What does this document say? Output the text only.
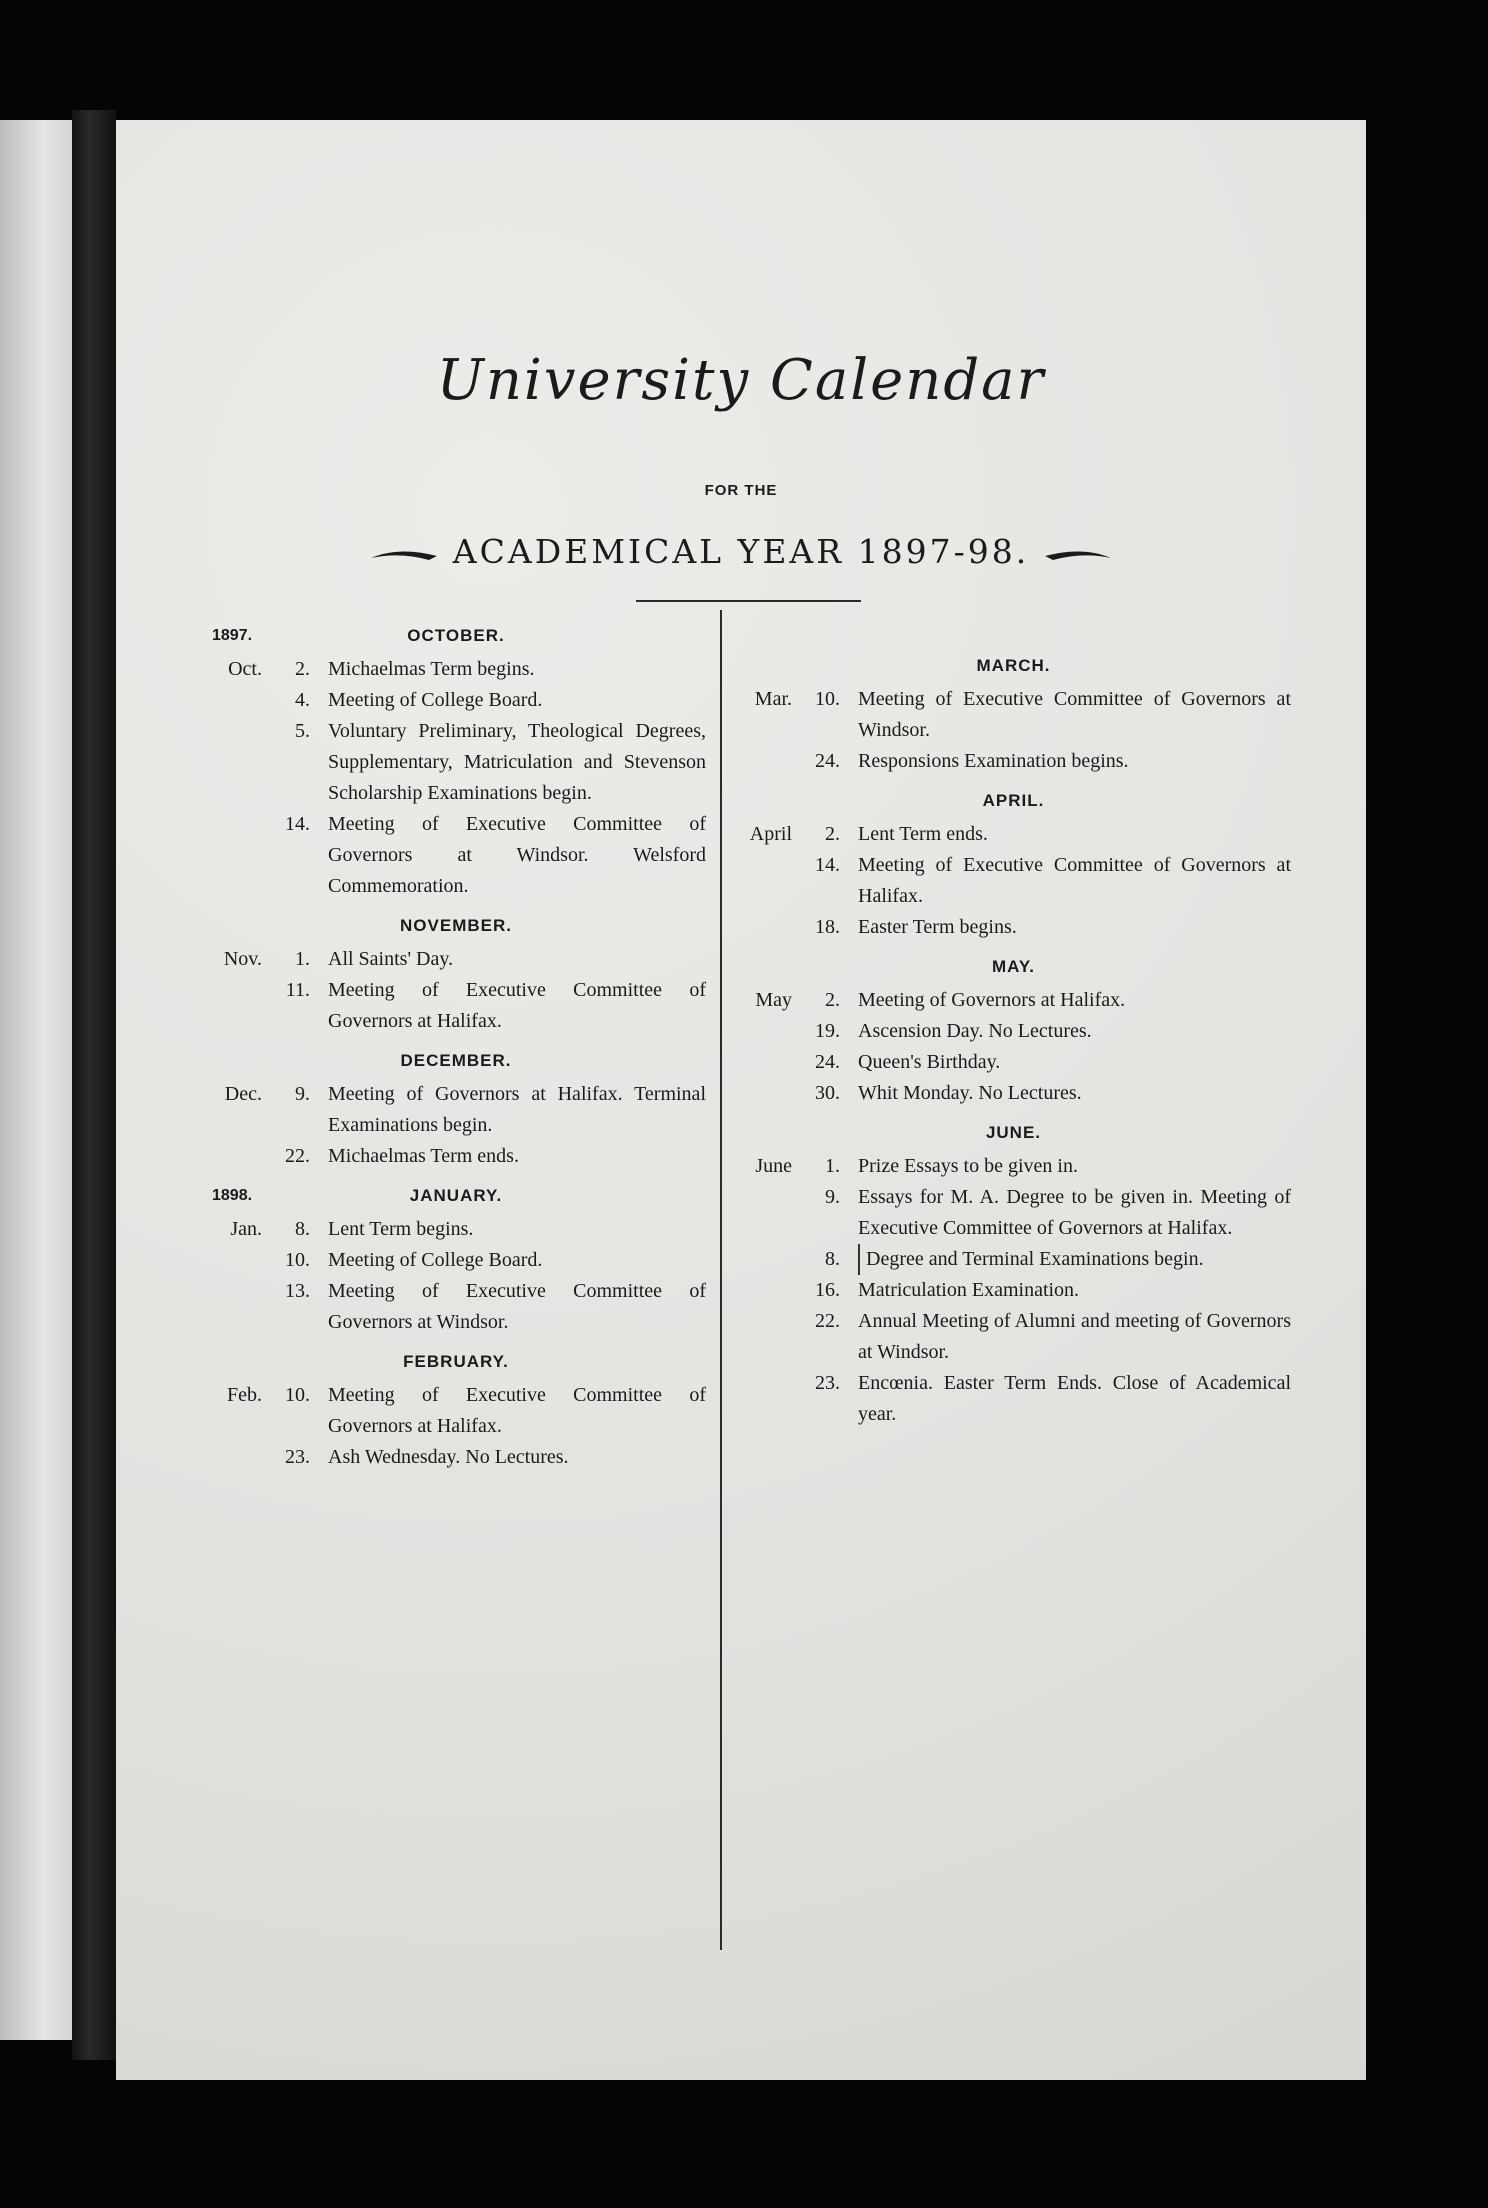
University Calendar
FOR THE
ACADEMICAL YEAR 1897-98.
1897.	OCTOBER.
Oct.	2. Michaelmas Term begins.
4. Meeting of College Board.
5. Voluntary Preliminary, Theological Degrees, Supplementary, Matriculation and Stevenson Scholarship Examinations begin.
14. Meeting of Executive Committee of Governors at Windsor. Welsford Commemoration.
NOVEMBER.
Nov.	1. All Saints' Day.
11. Meeting of Executive Committee of Governors at Halifax.
DECEMBER.
Dec.	9. Meeting of Governors at Halifax. Terminal Examinations begin.
22. Michaelmas Term ends.
1898.	JANUARY.
Jan.	8. Lent Term begins.
10. Meeting of College Board.
13. Meeting of Executive Committee of Governors at Windsor.
FEBRUARY.
Feb.	10. Meeting of Executive Committee of Governors at Halifax.
23. Ash Wednesday. No Lectures.
MARCH.
Mar.	10. Meeting of Executive Committee of Governors at Windsor.
24. Responsions Examination begins.
APRIL.
April	2. Lent Term ends.
14. Meeting of Executive Committee of Governors at Halifax.
18. Easter Term begins.
MAY.
May	2. Meeting of Governors at Halifax.
19. Ascension Day. No Lectures.
24. Queen's Birthday.
30. Whit Monday. No Lectures.
JUNE.
June	1. Prize Essays to be given in.
9. Essays for M. A. Degree to be given in. Meeting of Executive Committee of Governors at Halifax.
8.	Degree and Terminal Examinations begin.
16. Matriculation Examination.
22. Annual Meeting of Alumni and meeting of Governors at Windsor.
23. Encœnia. Easter Term Ends. Close of Academical year.
